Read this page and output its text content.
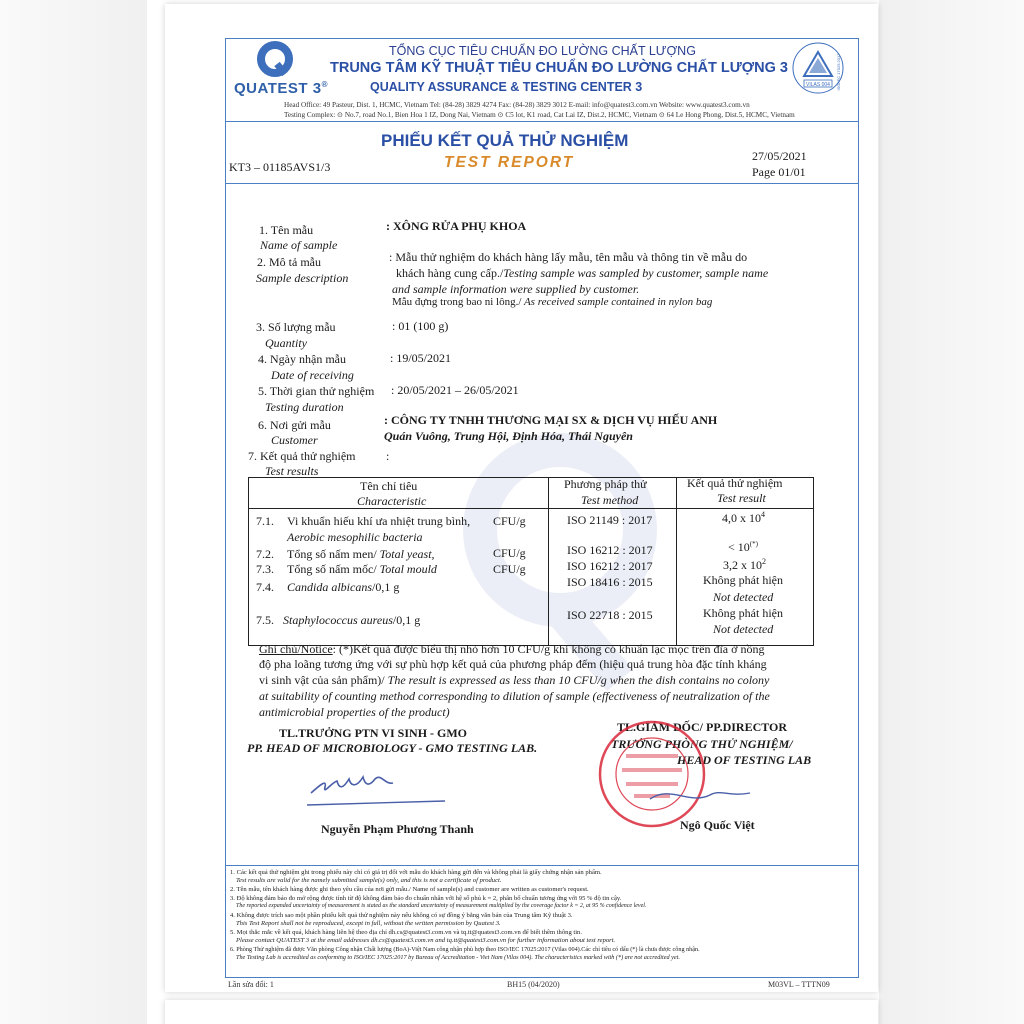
QUATEST 3®
TỔNG CỤC TIÊU CHUẨN ĐO LƯỜNG CHẤT LƯỢNG
TRUNG TÂM KỸ THUẬT TIÊU CHUẨN ĐO LƯỜNG CHẤT LƯỢNG 3
QUALITY ASSURANCE & TESTING CENTER 3	VILAS 004 ISO/IEC 17025:2017
Head Office: 49 Pasteur, Dist. 1, HCMC, Vietnam Tel: (84-28) 3829 4274 Fax: (84-28) 3829 3012 E-mail: info@quatest3.com.vn Website: www.quatest3.com.vn
Testing Complex: ⊙ No.7, road No.1, Bien Hoa 1 IZ, Dong Nai, Vietnam ⊙ C5 lot, K1 road, Cat Lai IZ, Dist.2, HCMC, Vietnam ⊙ 64 Le Hong Phong, Dist.5, HCMC, Vietnam
PHIẾU KẾT QUẢ THỬ NGHIỆM
TEST REPORT
KT3 – 01185AVS1/3
27/05/2021
Page 01/01
1. Tên mẫu
Name of sample
: XÔNG RỬA PHỤ KHOA
2. Mô tả mẫu
Sample description
: Mẫu thử nghiệm do khách hàng lấy mẫu, tên mẫu và thông tin về mẫu do
khách hàng cung cấp./Testing sample was sampled by customer, sample name
and sample information were supplied by customer.
Mẫu đựng trong bao ni lông./ As received sample contained in nylon bag
3. Số lượng mẫu
Quantity
: 01 (100 g)
4. Ngày nhận mẫu
Date of receiving
: 19/05/2021
5. Thời gian thử nghiệm
Testing duration
: 20/05/2021 – 26/05/2021
6. Nơi gửi mẫu
Customer
: CÔNG TY TNHH THƯƠNG MẠI SX & DỊCH VỤ HIẾU ANH
Quán Vuông, Trung Hội, Định Hóa, Thái Nguyên
7. Kết quả thử nghiệm	:
Test results
Tên chỉ tiêu
Characteristic
Phương pháp thử
Test method
Kết quả thử nghiệm
Test result
7.1. Vi khuẩn hiếu khí ưa nhiệt trung bình,
Aerobic mesophilic bacteria
CFU/g	ISO 21149 : 2017	4,0 x $10^4$
7.2. Tổng số nấm men/ Total yeast,	CFU/g	ISO 16212 : 2017	< 10(*)
7.3. Tổng số nấm mốc/ Total mould	CFU/g	ISO 16212 : 2017	3,2 x $10^2$
7.4. Candida albicans/0,1 g	ISO 18416 : 2015	Không phát hiện
Not detected
7.5. Staphylococcus aureus/0,1 g	ISO 22718 : 2015	Không phát hiện
Not detected
Ghi chú/Notice: (*)Kết quả được biểu thị nhỏ hơn 10 CFU/g khi không có khuẩn lạc mọc trên đĩa ở nồng
độ pha loãng tương ứng với sự phù hợp kết quả của phương pháp đếm (hiệu quả trung hòa đặc tính kháng
vi sinh vật của sản phẩm)/ The result is expressed as less than 10 CFU/g when the dish contains no colony
at suitability of counting method corresponding to dilution of sample (effectiveness of neutralization of the
antimicrobial properties of the product)
TL.TRƯỞNG PTN VI SINH - GMO
PP. HEAD OF MICROBIOLOGY - GMO TESTING LAB.
Nguyễn Phạm Phương Thanh
TL.GIÁM ĐỐC/ PP.DIRECTOR
TRƯỞNG PHÒNG THỬ NGHIỆM/
HEAD OF TESTING LAB
Ngô Quốc Việt
1. Các kết quả thử nghiệm ghi trong phiếu này chỉ có giá trị đối với mẫu do khách hàng gửi đến và không phải là giấy chứng nhận sản phẩm.
Test results are valid for the namely submitted sample(s) only, and this is not a certificate of product.
2. Tên mẫu, tên khách hàng được ghi theo yêu cầu của nơi gửi mẫu./ Name of sample(s) and customer are written as customer's request.
3. Độ không đảm bảo đo mở rộng được tính từ độ không đảm bảo đo chuẩn nhân với hệ số phủ k = 2, phân bố chuẩn tương ứng với 95 % độ tin cậy.
The reported expanded uncertainty of measurement is stated as the standard uncertainty of measurement multiplied by the coverage factor k = 2, at 95 % confidence level.
4. Không được trích sao một phần phiếu kết quả thử nghiệm này nếu không có sự đồng ý bằng văn bản của Trung tâm Kỹ thuật 3.
This Test Report shall not be reproduced, except in full, without the written permission by Quatest 3.
5. Mọi thắc mắc về kết quả, khách hàng liên hệ theo địa chỉ dh.cs@quatest3.com.vn và tq.tt@quatest3.com.vn để biết thêm thông tin.
Please contact QUATEST 3 at the email addresses dh.cs@quatest3.com.vn and tq.tt@quatest3.com.vn for further information about test report.
6. Phòng Thử nghiệm đã được Văn phòng Công nhận Chất lượng (BoA)-Việt Nam công nhận phù hợp theo ISO/IEC 17025:2017 (Vilas 004).Các chỉ tiêu có dấu (*) là chưa được công nhận.
The Testing Lab is accredited as conforming to ISO/IEC 17025:2017 by Bureau of Accreditation - Viet Nam (Vilas 004). The characteristics marked with (*) are not accredited yet.
Lần sửa đổi: 1	BH15 (04/2020)	M03VL – TTTN09
